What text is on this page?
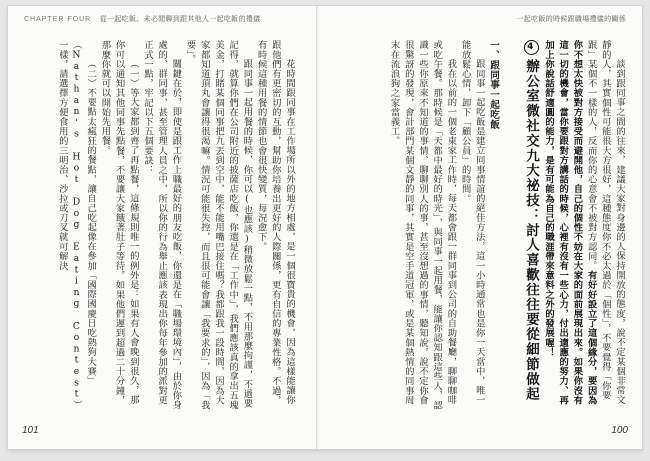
CHAPTER FOUR 從一起吃飯、未必閒聊到跟其他人一起吃飯的禮儀	一起吃飯的時候跟職場禮儀的關係

花時間跟同事在工作場所以外的地方相處，是一個很寶貴的機會，因為這樣能讓你跟他們有更密切的互動，幫助你培養出更好的人際關係，更有自信的專業性格。不過，有時候這種用餐的情節也會很快變質，每況愈下。

跟同事一起用餐的時候，你可以(也應該)稍微放鬆一點，不用那麼拘謹，不過要記得，就算你們在公司附近的披薩店吃飯，你還是在「工作中」，我們應該真的拿出五塊美金，打賭某個同事把九丟到空中，能不能用嘴巴接住嗎？我都跟我一段時間，因為大家都知道頂丸會讓得很渴嘛。情況可能很失控，而且很可能會讓「我要求的」，因為「我要」。

關鍵在於，即使是跟工作上職最好的朋友吃飯，你還是在「職場環境內」，由於你身處的、群同事，甚至管理人員之中，所以你的行為舉止應該表現出你每年參加的派對更正式一點，牢記以下五個要訣：

（一）等大家都到齊了再點餐，這條規則唯一的例外是：如果有人會晚到很久，那你可以通知其他同事先點餐，不要讓大家餓著肚子等待。如果他們遲到超過二十分鐘，那麼你就可以開始先用餐。

（二）不要點太瘋狂的餐點，讓自己吃起像在參加「國際國慶日吃熱狗大賽」（Nathan's Hot Dog Eating Contest）一樣，請選擇方便食用的三明治、沙拉或刀叉就可解決	談到跟同事之間的往來，建議大家對身邊的人保持開放的態度，說不定某個非常文靜的人，其實個性可能很大方很好，這種態度你不必太過於「個性」，不要覺得「你要跟」某個不一樣的人，反而你的心意會不被對方認同。有好好設立了這個緣分，要因為你不想太快被對方接受而避開他，自己的個性不妨在大家的面前展現出來。如果你沒有這一切的機會，當你要跟對方講話的時候，心裡有沒有一些心力，付出適應的努力、再加上你說話舒適圓的能力，是有可能為自己的職涯帶來意料之外的發展喔！

4辦公室微社交九大祕技：討人喜歡往往要從細節做起

一、跟同事一起吃飯

跟同事一起吃飯是建立同事情誼的絕佳方法，這一小時通常也是你一天當中，唯一能放鬆心情，卸下「顧公員」的時間。

我在以前的一個老東家工作時，每天都會跟一群同事到公司的自助餐廳，聊聊咖啡或吃午餐。那時候是「天都中最好的時光」，與同事一起用餐，能讓你認知跟這些人，認識一些你原來不知道的事情、聊聊別人的事，甚至沒想過的事情，聽知說，說不定你會很驚訝的發現，會計部門某個文靜的同事，其實是空手道冠軍，或是某個熱情的同事周末在流浪狗之家當義工。

101	100
